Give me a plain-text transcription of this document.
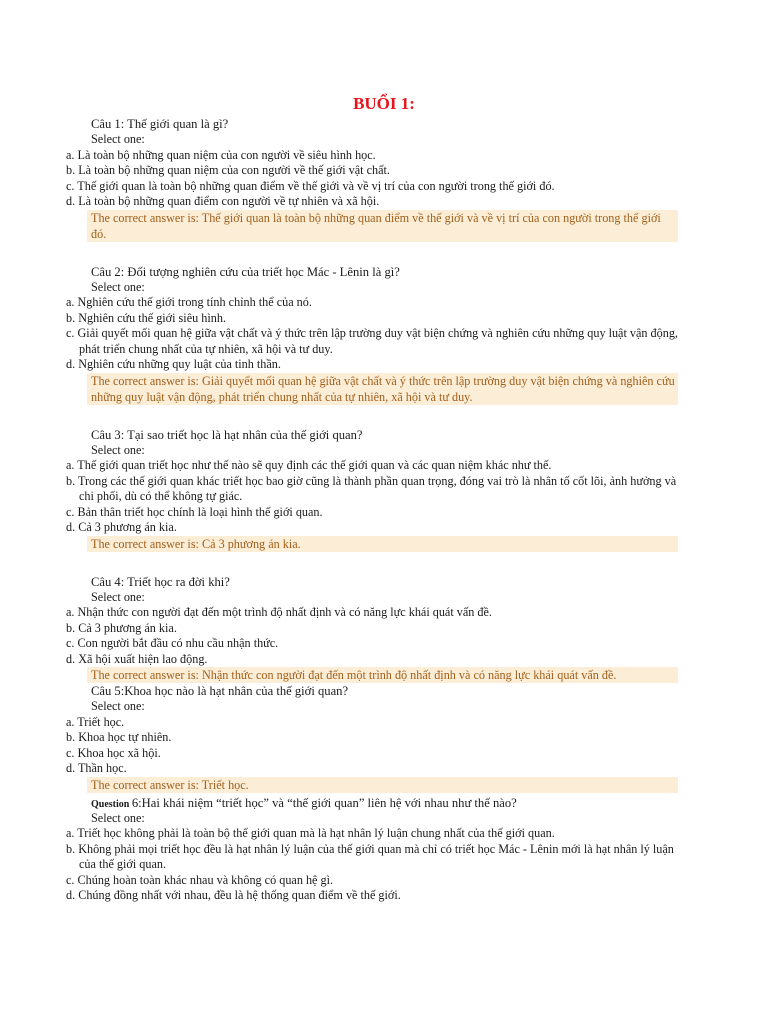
BUỔI 1:
Câu 1: Thế giới quan là gì?
Select one:
a. Là toàn bộ những quan niệm của con người về siêu hình học.
b. Là toàn bộ những quan niệm của con người về thế giới vật chất.
c. Thế giới quan là toàn bộ những quan điểm về thế giới và về vị trí của con người trong thế giới đó.
d. Là toàn bộ những quan điểm con người về tự nhiên và xã hội.
The correct answer is: Thế giới quan là toàn bộ những quan điểm về thế giới và về vị trí của con người trong thế giới đó.
Câu 2: Đối tượng nghiên cứu của triết học Mác - Lênin là gì?
Select one:
a. Nghiên cứu thế giới trong tính chỉnh thể của nó.
b. Nghiên cứu thế giới siêu hình.
c. Giải quyết mối quan hệ giữa vật chất và ý thức trên lập trường duy vật biện chứng và nghiên cứu những quy luật vận động, phát triển chung nhất của tự nhiên, xã hội và tư duy.
d. Nghiên cứu những quy luật của tinh thần.
The correct answer is: Giải quyết mối quan hệ giữa vật chất và ý thức trên lập trường duy vật biện chứng và nghiên cứu những quy luật vận động, phát triển chung nhất của tự nhiên, xã hội và tư duy.
Câu 3: Tại sao triết học là hạt nhân của thế giới quan?
Select one:
a. Thế giới quan triết học như thế nào sẽ quy định các thế giới quan và các quan niệm khác như thế.
b. Trong các thế giới quan khác triết học bao giờ cũng là thành phần quan trọng, đóng vai trò là nhân tố cốt lõi, ảnh hưởng và chi phối, dù có thể không tự giác.
c. Bản thân triết học chính là loại hình thế giới quan.
d. Cả 3 phương án kia.
The correct answer is: Cả 3 phương án kia.
Câu 4: Triết học ra đời khi?
Select one:
a. Nhận thức con người đạt đến một trình độ nhất định và có năng lực khái quát vấn đề.
b. Cả 3 phương án kia.
c. Con người bắt đầu có nhu cầu nhận thức.
d. Xã hội xuất hiện lao động.
The correct answer is: Nhận thức con người đạt đến một trình độ nhất định và có năng lực khái quát vấn đề.
Câu 5:Khoa học nào là hạt nhân của thế giới quan?
Select one:
a. Triết học.
b. Khoa học tự nhiên.
c. Khoa học xã hội.
d. Thần học.
The correct answer is: Triết học.
Question 6:Hai khái niệm “triết học” và “thế giới quan” liên hệ với nhau như thế nào?
Select one:
a. Triết học không phải là toàn bộ thế giới quan mà là hạt nhân lý luận chung nhất của thế giới quan.
b. Không phải mọi triết học đều là hạt nhân lý luận của thế giới quan mà chỉ có triết học Mác - Lênin mới là hạt nhân lý luận của thế giới quan.
c. Chúng hoàn toàn khác nhau và không có quan hệ gì.
d. Chúng đồng nhất với nhau, đều là hệ thống quan điểm về thế giới.
